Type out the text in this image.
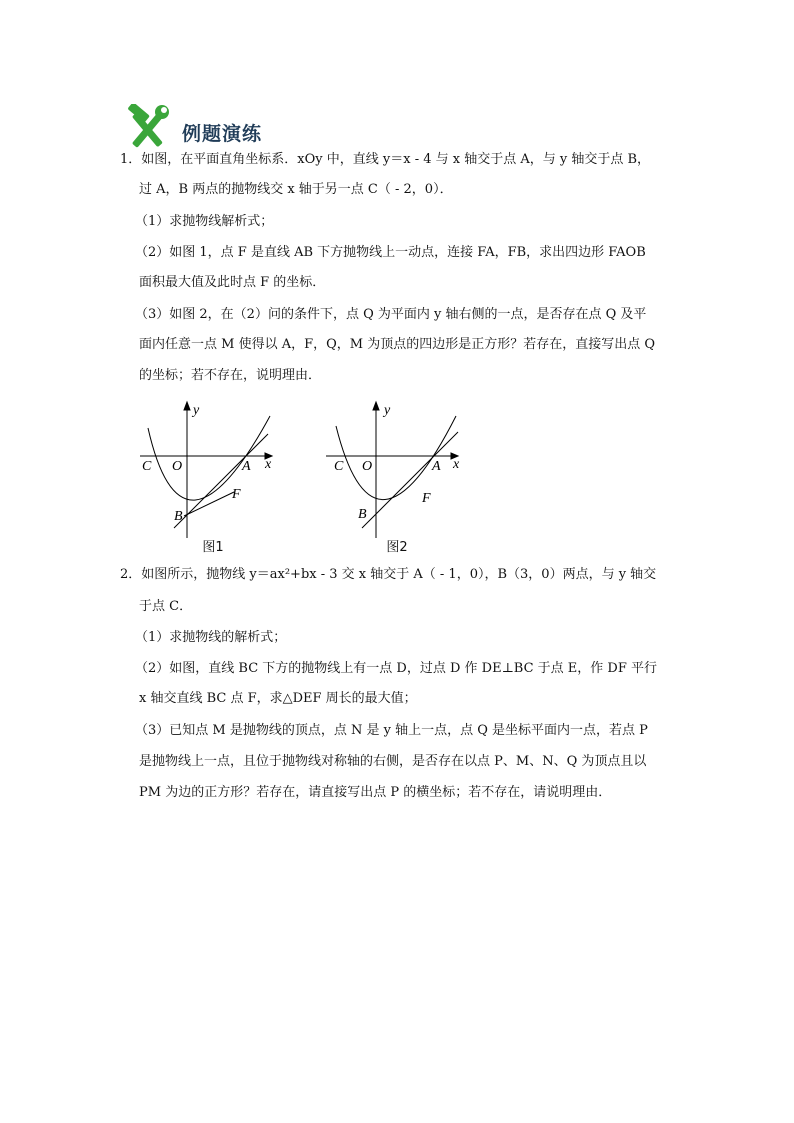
例题演练
1．如图，在平面直角坐标系．xOy 中，直线 y＝x - 4 与 x 轴交于点 A，与 y 轴交于点 B，
过 A，B 两点的抛物线交 x 轴于另一点 C（ - 2，0）．
（1）求抛物线解析式；
（2）如图 1，点 F 是直线 AB 下方抛物线上一动点，连接 FA，FB，求出四边形 FAOB
面积最大值及此时点 F 的坐标．
（3）如图 2，在（2）问的条件下，点 Q 为平面内 y 轴右侧的一点，是否存在点 Q 及平
面内任意一点 M 使得以 A，F，Q，M 为顶点的四边形是正方形？若存在，直接写出点 Q
的坐标；若不存在，说明理由．
C O	A x
y
B
F
图1
C O	A x
y
B
F
图2
2．如图所示，抛物线 y＝ax²+bx - 3 交 x 轴交于 A（ - 1，0），B（3，0）两点，与 y 轴交
于点 C．
（1）求抛物线的解析式；
（2）如图，直线 BC 下方的抛物线上有一点 D，过点 D 作 DE⊥BC 于点 E，作 DF 平行
x 轴交直线 BC 点 F，求△DEF 周长的最大值；
（3）已知点 M 是抛物线的顶点，点 N 是 y 轴上一点，点 Q 是坐标平面内一点，若点 P
是抛物线上一点，且位于抛物线对称轴的右侧，是否存在以点 P、M、N、Q 为顶点且以
PM 为边的正方形？若存在，请直接写出点 P 的横坐标；若不存在，请说明理由．
